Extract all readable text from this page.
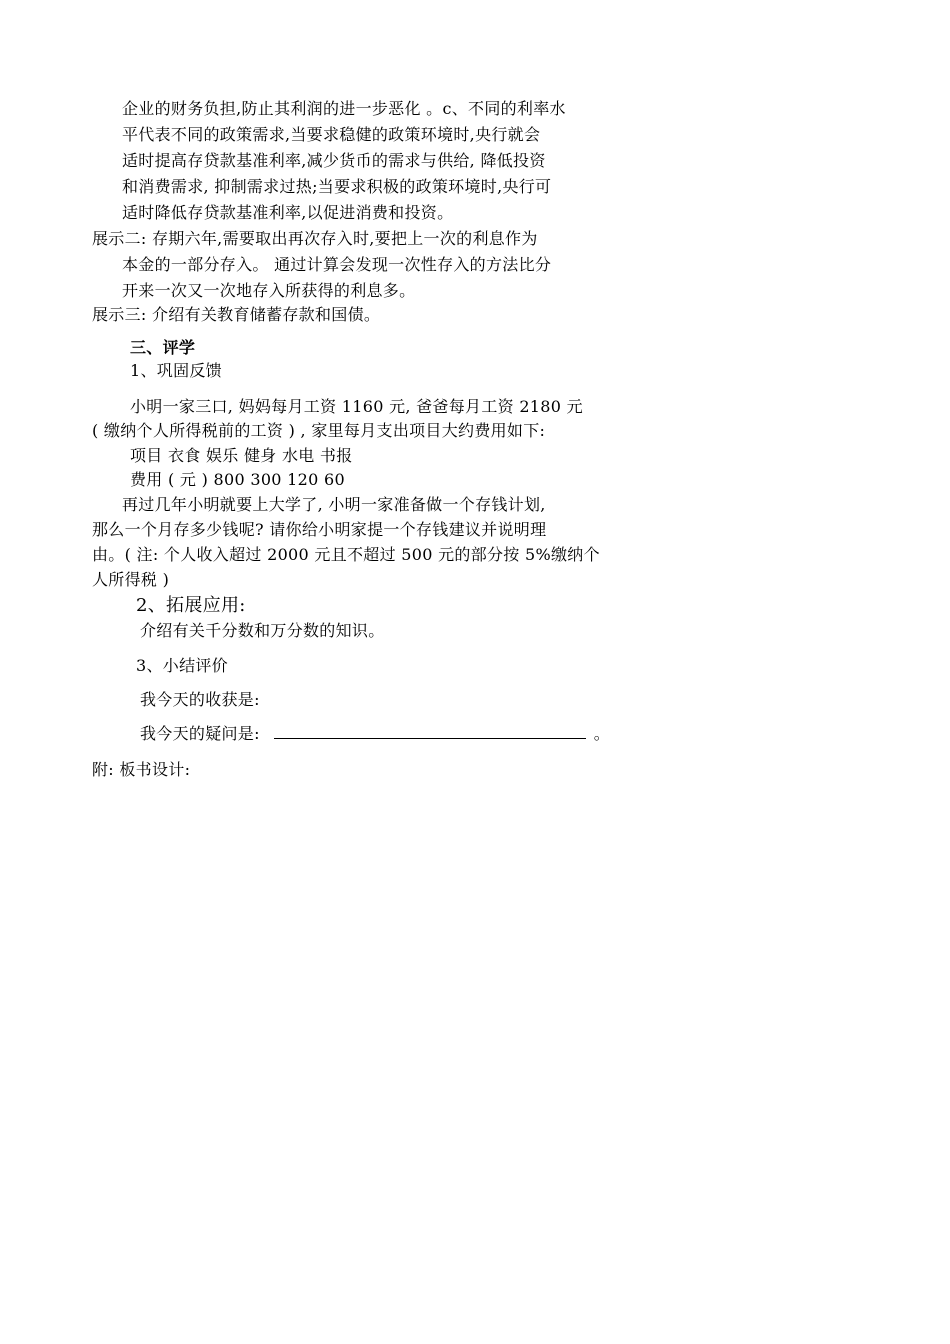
企业的财务负担,防止其利润的进一步恶化 。c、不同的利率水
平代表不同的政策需求,当要求稳健的政策环境时,央行就会
适时提高存贷款基准利率,减少货币的需求与供给, 降低投资
和消费需求, 抑制需求过热;当要求积极的政策环境时,央行可
适时降低存贷款基准利率,以促进消费和投资。
展示二: 存期六年,需要取出再次存入时,要把上一次的利息作为
本金的一部分存入。 通过计算会发现一次性存入的方法比分
开来一次又一次地存入所获得的利息多。
展示三: 介绍有关教育储蓄存款和国债。
三、评学
1、巩固反馈
小明一家三口, 妈妈每月工资 1160 元, 爸爸每月工资 2180 元
( 缴纳个人所得税前的工资 ) , 家里每月支出项目大约费用如下:
项目 衣食 娱乐 健身 水电 书报
费用 ( 元 ) 800 300 120 60
再过几年小明就要上大学了, 小明一家准备做一个存钱计划,
那么一个月存多少钱呢? 请你给小明家提一个存钱建议并说明理
由。( 注: 个人收入超过 2000 元且不超过 500 元的部分按 5%缴纳个
人所得税 )
2、拓展应用:
介绍有关千分数和万分数的知识。
3、小结评价
我今天的收获是:
我今天的疑问是:	。
附: 板书设计:
